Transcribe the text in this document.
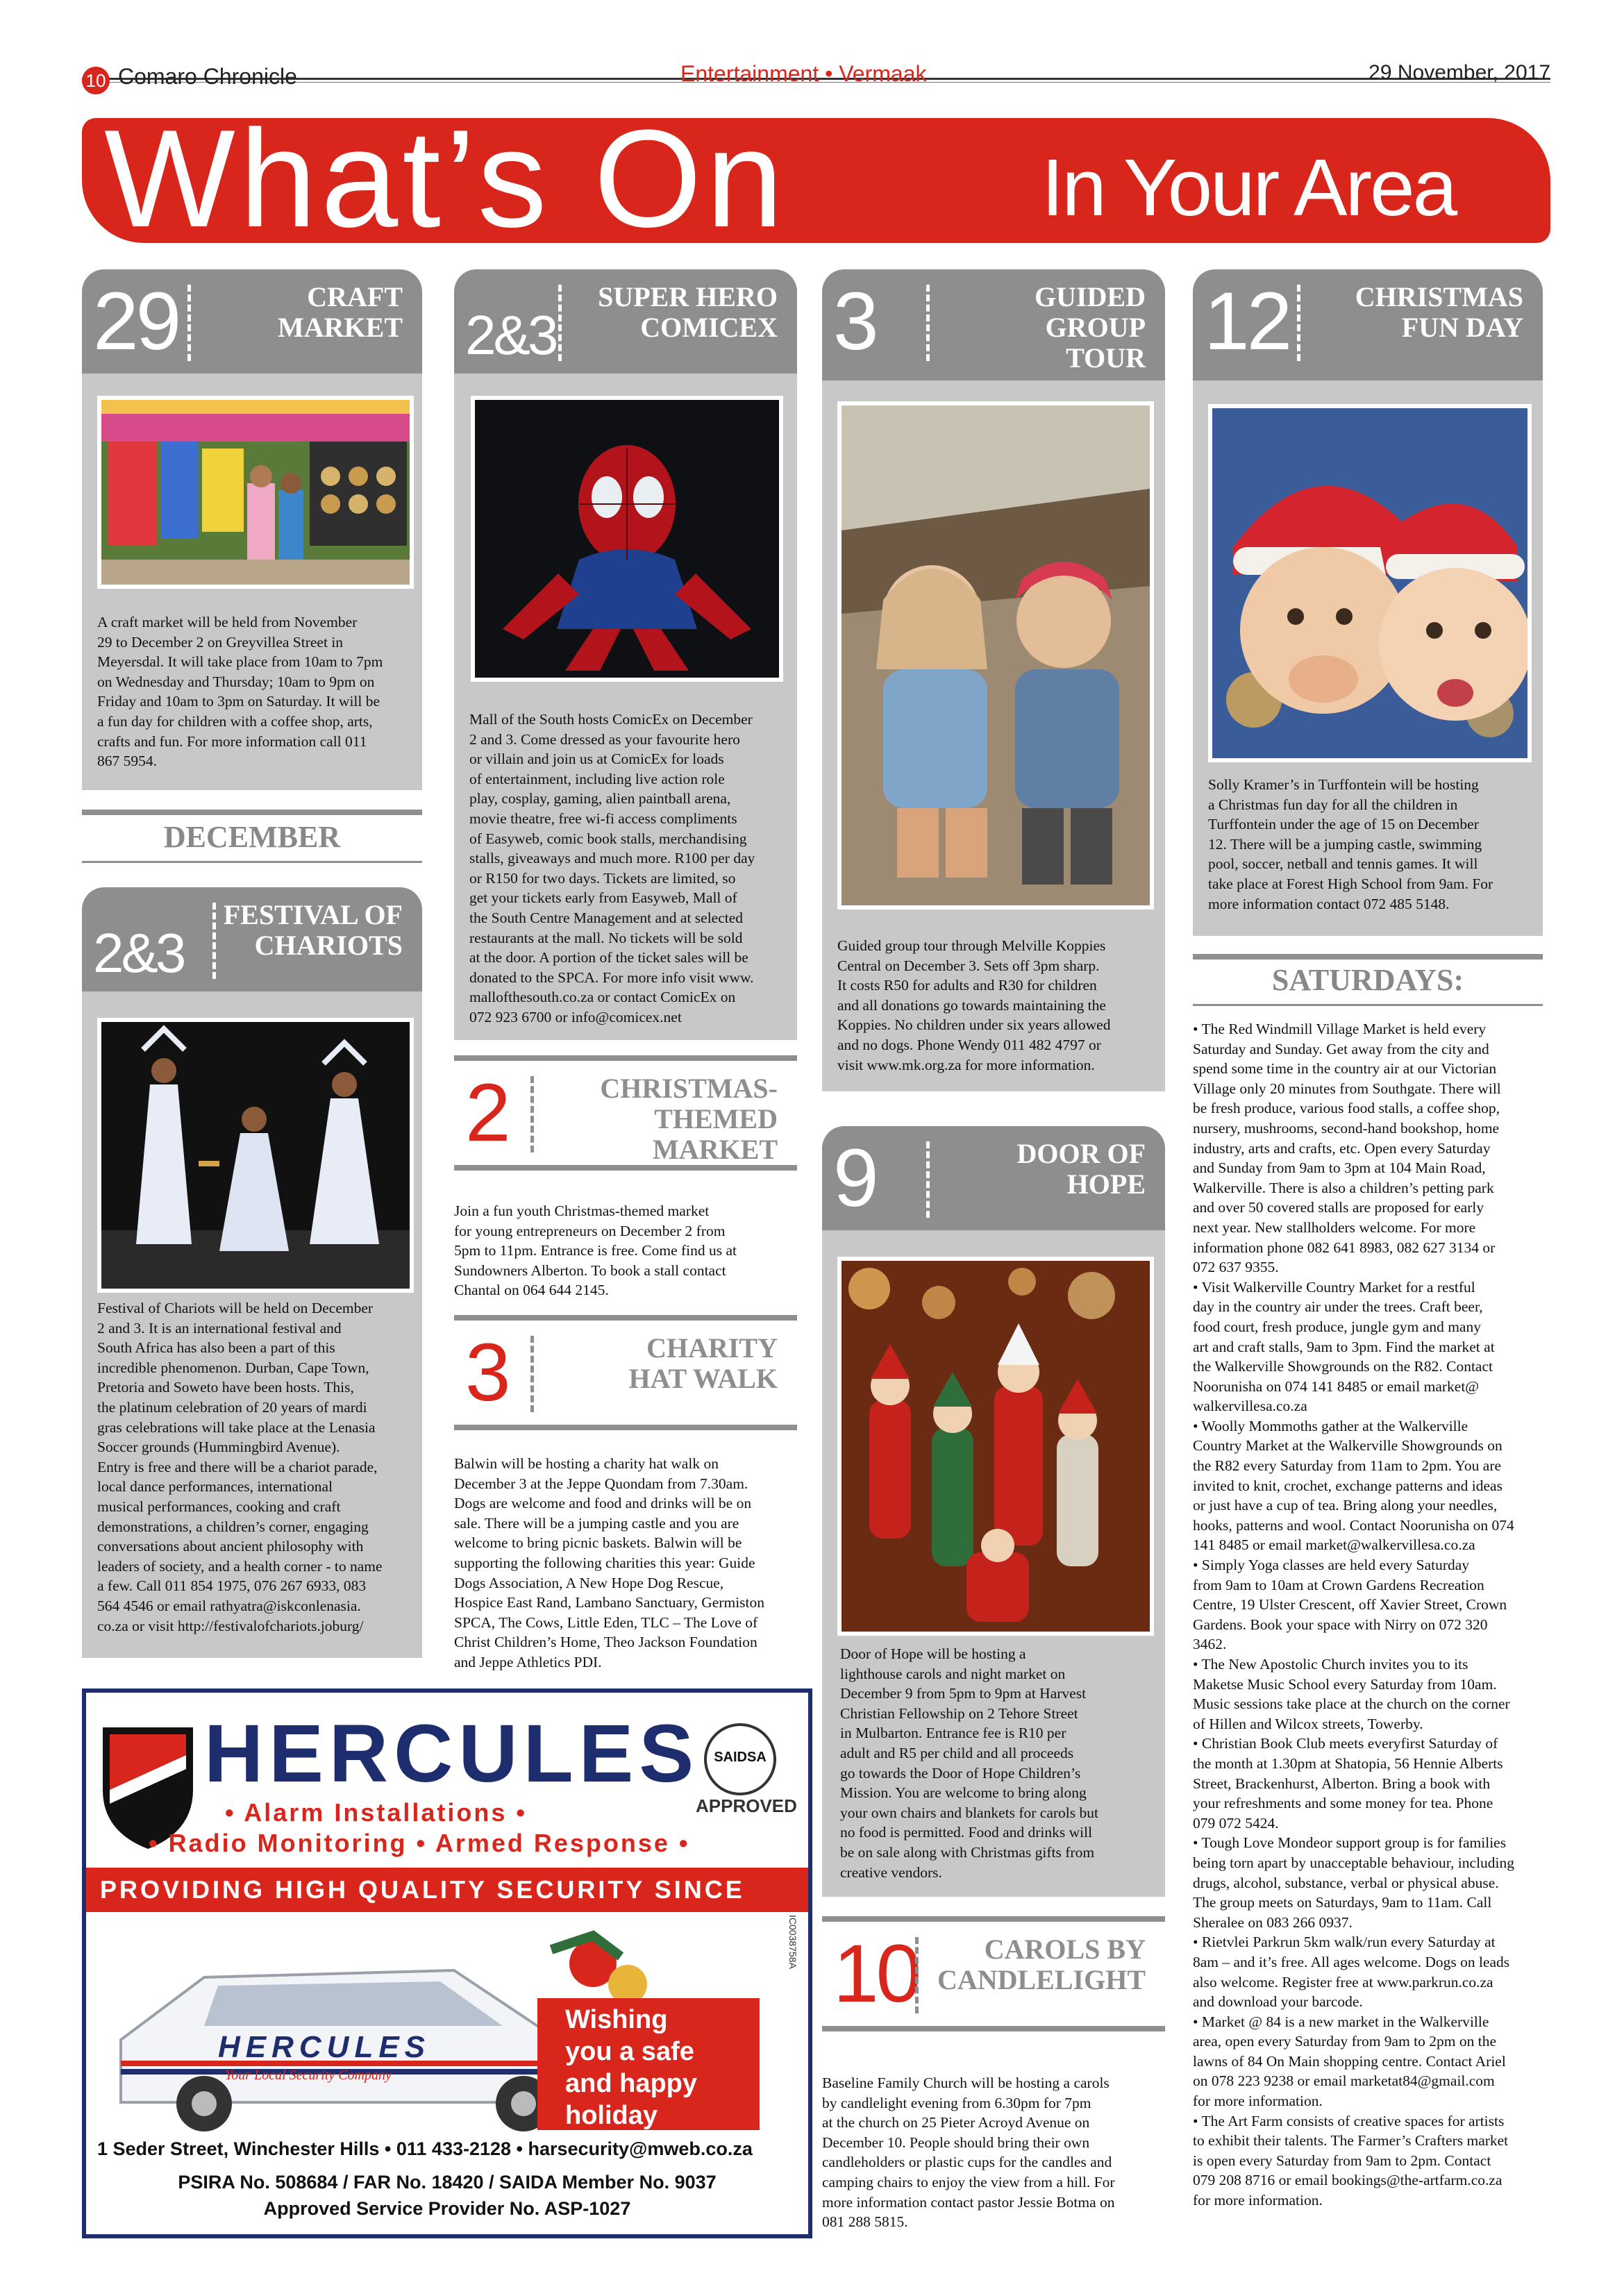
10 Comaro Chronicle	Entertainment • Vermaak	29 November, 2017
What’s On	In Your Area
29	CRAFT
MARKET
A craft market will be held from November
29 to December 2 on Greyvillea Street in
Meyersdal. It will take place from 10am to 7pm
on Wednesday and Thursday; 10am to 9pm on
Friday and 10am to 3pm on Saturday. It will be
a fun day for children with a coffee shop, arts,
crafts and fun. For more information call 011
867 5954.
DECEMBER
2&3
FESTIVAL OF
CHARIOTS
Festival of Chariots will be held on December
2 and 3. It is an international festival and
South Africa has also been a part of this
incredible phenomenon. Durban, Cape Town,
Pretoria and Soweto have been hosts. This,
the platinum celebration of 20 years of mardi
gras celebrations will take place at the Lenasia
Soccer grounds (Hummingbird Avenue).
Entry is free and there will be a chariot parade,
local dance performances, international
musical performances, cooking and craft
demonstrations, a children’s corner, engaging
conversations about ancient philosophy with
leaders of society, and a health corner - to name
a few. Call 011 854 1975, 076 267 6933, 083
564 4546 or email rathyatra@iskconlenasia.
co.za or visit http://festivalofchariots.joburg/
2&3
SUPER HERO
COMICEX
Mall of the South hosts ComicEx on December
2 and 3. Come dressed as your favourite hero
or villain and join us at ComicEx for loads
of entertainment, including live action role
play, cosplay, gaming, alien paintball arena,
movie theatre, free wi-fi access compliments
of Easyweb, comic book stalls, merchandising
stalls, giveaways and much more. R100 per day
or R150 for two days. Tickets are limited, so
get your tickets early from Easyweb, Mall of
the South Centre Management and at selected
restaurants at the mall. No tickets will be sold
at the door. A portion of the ticket sales will be
donated to the SPCA. For more info visit www.
mallofthesouth.co.za or contact ComicEx on
072 923 6700 or info@comicex.net
2	CHRISTMAS-
THEMED
MARKET
Join a fun youth Christmas-themed market
for young entrepreneurs on December 2 from
5pm to 11pm. Entrance is free. Come find us at
Sundowners Alberton. To book a stall contact
Chantal on 064 644 2145.
3	CHARITY
HAT WALK
Balwin will be hosting a charity hat walk on
December 3 at the Jeppe Quondam from 7.30am.
Dogs are welcome and food and drinks will be on
sale. There will be a jumping castle and you are
welcome to bring picnic baskets. Balwin will be
supporting the following charities this year: Guide
Dogs Association, A New Hope Dog Rescue,
Hospice East Rand, Lambano Sanctuary, Germiston
SPCA, The Cows, Little Eden, TLC – The Love of
Christ Children’s Home, Theo Jackson Foundation
and Jeppe Athletics PDI.
3	GUIDED
GROUP
TOUR
Guided group tour through Melville Koppies
Central on December 3. Sets off 3pm sharp.
It costs R50 for adults and R30 for children
and all donations go towards maintaining the
Koppies. No children under six years allowed
and no dogs. Phone Wendy 011 482 4797 or
visit www.mk.org.za for more information.
9	DOOR OF
HOPE
Door of Hope will be hosting a
lighthouse carols and night market on
December 9 from 5pm to 9pm at Harvest
Christian Fellowship on 2 Tehore Street
in Mulbarton. Entrance fee is R10 per
adult and R5 per child and all proceeds
go towards the Door of Hope Children’s
Mission. You are welcome to bring along
your own chairs and blankets for carols but
no food is permitted. Food and drinks will
be on sale along with Christmas gifts from
creative vendors.
10	CAROLS BY
CANDLELIGHT
Baseline Family Church will be hosting a carols
by candlelight evening from 6.30pm for 7pm
at the church on 25 Pieter Acroyd Avenue on
December 10. People should bring their own
candleholders or plastic cups for the candles and
camping chairs to enjoy the view from a hill. For
more information contact pastor Jessie Botma on
081 288 5815.
12 CHRISTMAS
FUN DAY
Solly Kramer’s in Turffontein will be hosting
a Christmas fun day for all the children in
Turffontein under the age of 15 on December
12. There will be a jumping castle, swimming
pool, soccer, netball and tennis games. It will
take place at Forest High School from 9am. For
more information contact 072 485 5148.
SATURDAYS:
• The Red Windmill Village Market is held every
Saturday and Sunday. Get away from the city and
spend some time in the country air at our Victorian
Village only 20 minutes from Southgate. There will
be fresh produce, various food stalls, a coffee shop,
nursery, mushrooms, second-hand bookshop, home
industry, arts and crafts, etc. Open every Saturday
and Sunday from 9am to 3pm at 104 Main Road,
Walkerville. There is also a children’s petting park
and over 50 covered stalls are proposed for early
next year. New stallholders welcome. For more
information phone 082 641 8983, 082 627 3134 or
072 637 9355.
• Visit Walkerville Country Market for a restful
day in the country air under the trees. Craft beer,
food court, fresh produce, jungle gym and many
art and craft stalls, 9am to 3pm. Find the market at
the Walkerville Showgrounds on the R82. Contact
Noorunisha on 074 141 8485 or email market@
walkervillesa.co.za
• Woolly Mommoths gather at the Walkerville
Country Market at the Walkerville Showgrounds on
the R82 every Saturday from 11am to 2pm. You are
invited to knit, crochet, exchange patterns and ideas
or just have a cup of tea. Bring along your needles,
hooks, patterns and wool. Contact Noorunisha on 074
141 8485 or email market@walkervillesa.co.za
• Simply Yoga classes are held every Saturday
from 9am to 10am at Crown Gardens Recreation
Centre, 19 Ulster Crescent, off Xavier Street, Crown
Gardens. Book your space with Nirry on 072 320
3462.
• The New Apostolic Church invites you to its
Maketse Music School every Saturday from 10am.
Music sessions take place at the church on the corner
of Hillen and Wilcox streets, Towerby.
• Christian Book Club meets everyfirst Saturday of
the month at 1.30pm at Shatopia, 56 Hennie Alberts
Street, Brackenhurst, Alberton. Bring a book with
your refreshments and some money for tea. Phone
079 072 5424.
• Tough Love Mondeor support group is for families
being torn apart by unacceptable behaviour, including
drugs, alcohol, substance, verbal or physical abuse.
The group meets on Saturdays, 9am to 11am. Call
Sheralee on 083 266 0937.
• Rietvlei Parkrun 5km walk/run every Saturday at
8am – and it’s free. All ages welcome. Dogs on leads
also welcome. Register free at www.parkrun.co.za
and download your barcode.
• Market @ 84 is a new market in the Walkerville
area, open every Saturday from 9am to 2pm on the
lawns of 84 On Main shopping centre. Contact Ariel
on 078 223 9238 or email marketat84@gmail.com
for more information.
• The Art Farm consists of creative spaces for artists
to exhibit their talents. The Farmer’s Crafters market
is open every Saturday from 9am to 2pm. Contact
079 208 8716 or email bookings@the-artfarm.co.za
for more information.
HERCULES	SAIDSA
APPROVED
• Alarm Installations •
• Radio Monitoring • Armed Response •
PROVIDING HIGH QUALITY SECURITY SINCE 1986
HERCULES
Your Local Security Company
Wishing
you a safe
and happy
holiday
IC0038758A
1 Seder Street, Winchester Hills • 011 433-2128 • harsecurity@mweb.co.za
PSIRA No. 508684 / FAR No. 18420 / SAIDA Member No. 9037
Approved Service Provider No. ASP-1027
